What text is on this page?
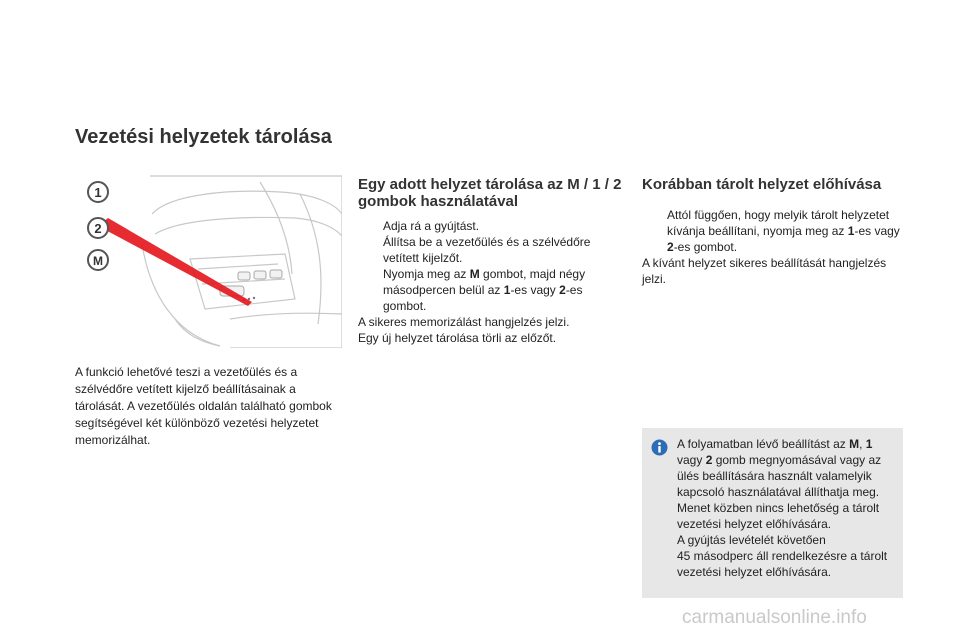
Vezetési helyzetek tárolása
1
2
M

A funkció lehetővé teszi a vezetőülés és a szélvédőre vetített kijelző beállításainak a tárolását. A vezetőülés oldalán található gombok segítségével két különböző vezetési helyzetet memorizálhat.

Egy adott helyzet tárolása az M / 1 / 2 gombok használatával
Adja rá a gyújtást.
Állítsa be a vezetőülés és a szélvédőre vetített kijelzőt.
Nyomja meg az M gombot, majd négy másodpercen belül az 1-es vagy 2-es gombot.

A sikeres memorizálást hangjelzés jelzi.

Egy új helyzet tárolása törli az előzőt.

Korábban tárolt helyzet előhívása
Attól függően, hogy melyik tárolt helyzetet kívánja beállítani, nyomja meg az 1-es vagy 2-es gombot.

A kívánt helyzet sikeres beállítását hangjelzés jelzi.

A folyamatban lévő beállítást az M, 1 vagy 2 gomb megnyomásával vagy az ülés beállítására használt valamelyik kapcsoló használatával állíthatja meg.

Menet közben nincs lehetőség a tárolt vezetési helyzet előhívására.

A gyújtás levételét követően

45 másodperc áll rendelkezésre a tárolt vezetési helyzet előhívására.

carmanualsonline.info
